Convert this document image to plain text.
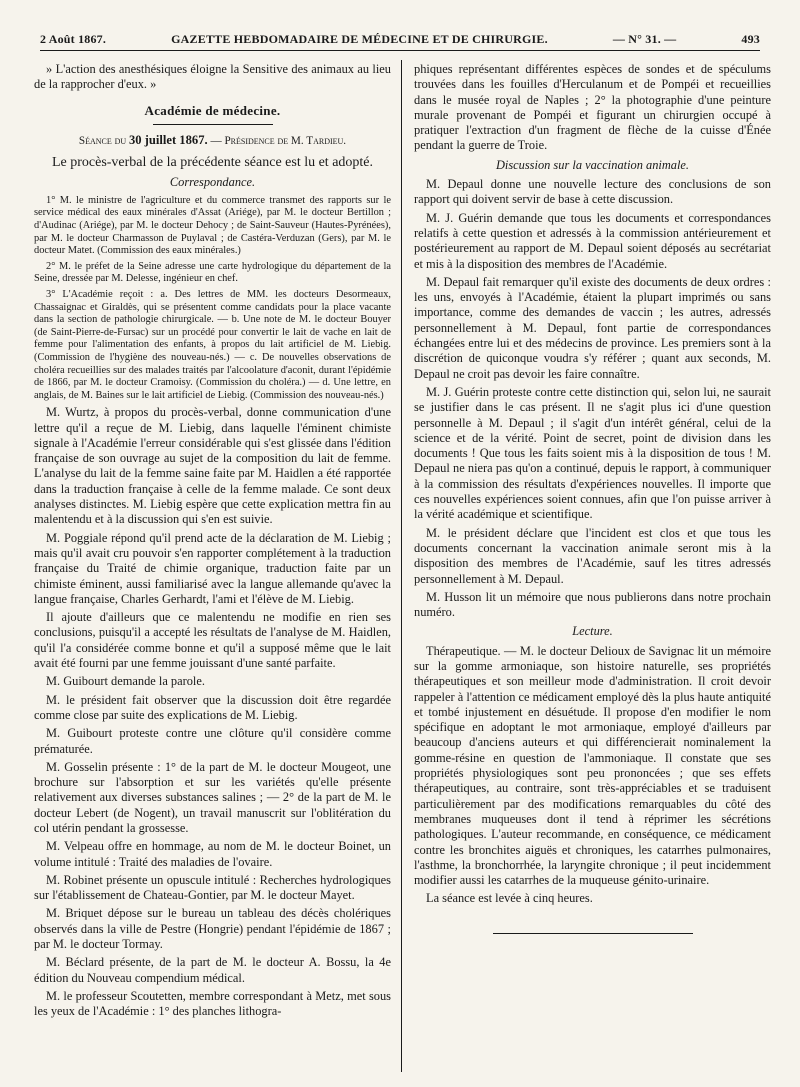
2 Août 1867.	GAZETTE HEBDOMADAIRE DE MÉDECINE ET DE CHIRURGIE.	— N° 31. —	493

» L'action des anesthésiques éloigne la Sensitive des animaux au lieu de la rapprocher d'eux. »

Académie de médecine.
Séance du 30 juillet 1867. — Présidence de M. Tardieu.
Le procès-verbal de la précédente séance est lu et adopté.
Correspondance.

1° M. le ministre de l'agriculture et du commerce transmet des rapports sur le service médical des eaux minérales d'Assat (Ariége), par M. le docteur Bertillon ; d'Audinac (Ariége), par M. le docteur Dehocy ; de Saint-Sauveur (Hautes-Pyrénées), par M. le docteur Charmasson de Puylaval ; de Castéra-Verduzan (Gers), par M. le docteur Matet. (Commission des eaux minérales.)

2° M. le préfet de la Seine adresse une carte hydrologique du département de la Seine, dressée par M. Delesse, ingénieur en chef.

3° L'Académie reçoit : a. Des lettres de MM. les docteurs Desormeaux, Chassaignac et Giraldès, qui se présentent comme candidats pour la place vacante dans la section de pathologie chirurgicale. — b. Une note de M. le docteur Bouyer (de Saint-Pierre-de-Fursac) sur un procédé pour convertir le lait de vache en lait de femme pour l'alimentation des enfants, à propos du lait artificiel de M. Liebig. (Commission de l'hygiène des nouveau-nés.) — c. De nouvelles observations de choléra recueillies sur des malades traités par l'alcoolature d'aconit, durant l'épidémie de 1866, par M. le docteur Cramoisy. (Commission du choléra.) — d. Une lettre, en anglais, de M. Baines sur le lait artificiel de Liebig. (Commission des nouveau-nés.)

M. Wurtz, à propos du procès-verbal, donne communication d'une lettre qu'il a reçue de M. Liebig, dans laquelle l'éminent chimiste signale à l'Académie l'erreur considérable qui s'est glissée dans l'édition française de son ouvrage au sujet de la composition du lait de femme. L'analyse du lait de la femme saine faite par M. Haidlen a été rapportée dans la traduction française à celle de la femme malade. Ce sont deux analyses distinctes. M. Liebig espère que cette explication mettra fin au malentendu et à la discussion qui s'en est suivie.

M. Poggiale répond qu'il prend acte de la déclaration de M. Liebig ; mais qu'il avait cru pouvoir s'en rapporter complétement à la traduction française du Traité de chimie organique, traduction faite par un chimiste éminent, aussi familiarisé avec la langue allemande qu'avec la langue française, Charles Gerhardt, l'ami et l'élève de M. Liebig.

Il ajoute d'ailleurs que ce malentendu ne modifie en rien ses conclusions, puisqu'il a accepté les résultats de l'analyse de M. Haidlen, qu'il l'a considérée comme bonne et qu'il a supposé même que le lait avait été fourni par une femme jouissant d'une santé parfaite.

M. Guibourt demande la parole.

M. le président fait observer que la discussion doit être regardée comme close par suite des explications de M. Liebig.

M. Guibourt proteste contre une clôture qu'il considère comme prématurée.

M. Gosselin présente : 1° de la part de M. le docteur Mougeot, une brochure sur l'absorption et sur les variétés qu'elle présente relativement aux diverses substances salines ; — 2° de la part de M. le docteur Lebert (de Nogent), un travail manuscrit sur l'oblitération du col utérin pendant la grossesse.

M. Velpeau offre en hommage, au nom de M. le docteur Boinet, un volume intitulé : Traité des maladies de l'ovaire.

M. Robinet présente un opuscule intitulé : Recherches hydrologiques sur l'établissement de Chateau-Gontier, par M. le docteur Mayet.

M. Briquet dépose sur le bureau un tableau des décès cholériques observés dans la ville de Pestre (Hongrie) pendant l'épidémie de 1867 ; par M. le docteur Tormay.

M. Béclard présente, de la part de M. le docteur A. Bossu, la 4e édition du Nouveau compendium médical.

M. le professeur Scoutetten, membre correspondant à Metz, met sous les yeux de l'Académie : 1° des planches lithogra-

phiques représentant différentes espèces de sondes et de spéculums trouvées dans les fouilles d'Herculanum et de Pompéi et recueillies dans le musée royal de Naples ; 2° la photographie d'une peinture murale provenant de Pompéi et figurant un chirurgien occupé à pratiquer l'extraction d'un fragment de flèche de la cuisse d'Énée pendant la guerre de Troie.

Discussion sur la vaccination animale.

M. Depaul donne une nouvelle lecture des conclusions de son rapport qui doivent servir de base à cette discussion.

M. J. Guérin demande que tous les documents et correspondances relatifs à cette question et adressés à la commission antérieurement et postérieurement au rapport de M. Depaul soient déposés au secrétariat et mis à la disposition des membres de l'Académie.

M. Depaul fait remarquer qu'il existe des documents de deux ordres : les uns, envoyés à l'Académie, étaient la plupart imprimés ou sans importance, comme des demandes de vaccin ; les autres, adressés personnellement à M. Depaul, font partie de correspondances échangées entre lui et des médecins de province. Les premiers sont à la discrétion de quiconque voudra s'y référer ; quant aux seconds, M. Depaul ne croit pas devoir les faire connaître.

M. J. Guérin proteste contre cette distinction qui, selon lui, ne saurait se justifier dans le cas présent. Il ne s'agit plus ici d'une question personnelle à M. Depaul ; il s'agit d'un intérêt général, celui de la science et de la vérité. Point de secret, point de division dans les documents ! Que tous les faits soient mis à la disposition de tous ! M. Depaul ne niera pas qu'on a continué, depuis le rapport, à communiquer à la commission des résultats d'expériences nouvelles. Il importe que ces nouvelles expériences soient connues, afin que l'on puisse arriver à la vérité académique et scientifique.

M. le président déclare que l'incident est clos et que tous les documents concernant la vaccination animale seront mis à la disposition des membres de l'Académie, sauf les titres adressés personnellement à M. Depaul.

M. Husson lit un mémoire que nous publierons dans notre prochain numéro.

Lecture.

Thérapeutique. — M. le docteur Delioux de Savignac lit un mémoire sur la gomme armoniaque, son histoire naturelle, ses propriétés thérapeutiques et son meilleur mode d'administration. Il croit devoir rappeler à l'attention ce médicament employé dès la plus haute antiquité et tombé injustement en désuétude. Il propose d'en modifier le nom spécifique en adoptant le mot armoniaque, employé d'ailleurs par beaucoup d'anciens auteurs et qui différencierait nominalement la gomme-résine en question de l'ammoniaque. Il constate que ses propriétés physiologiques sont peu prononcées ; que ses effets thérapeutiques, au contraire, sont très-appréciables et se traduisent particulièrement par des modifications remarquables du côté des membranes muqueuses dont il tend à réprimer les sécrétions pathologiques. L'auteur recommande, en conséquence, ce médicament contre les bronchites aiguës et chroniques, les catarrhes pulmonaires, l'asthme, la bronchorrhée, la laryngite chronique ; il peut incidemment modifier aussi les catarrhes de la muqueuse génito-urinaire.

La séance est levée à cinq heures.
